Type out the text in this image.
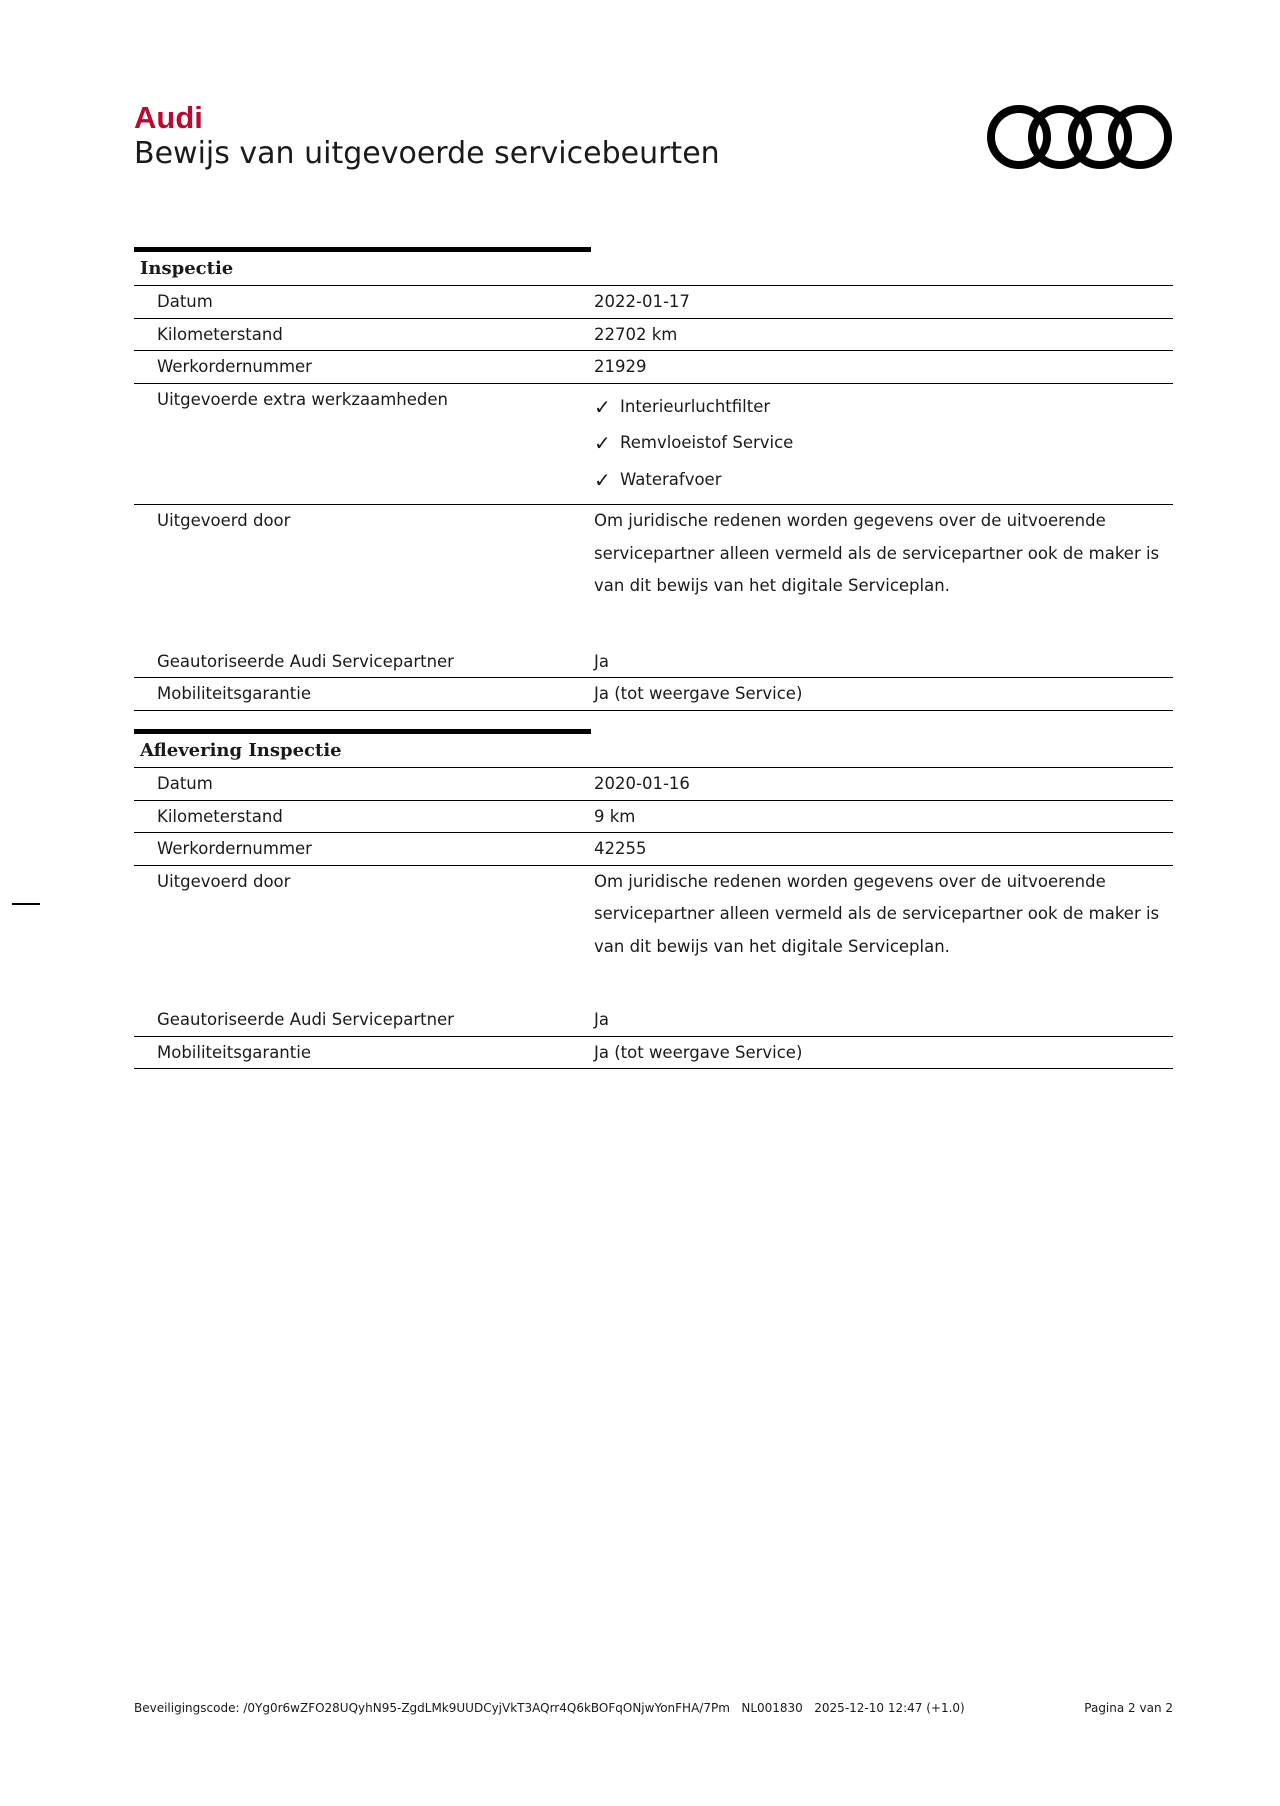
Audi
Bewijs van uitgevoerde servicebeurten
Inspectie
Datum	2022-01-17
Kilometerstand	22702 km
Werkordernummer	21929
Uitgevoerde extra werkzaamheden	✓ Interieurluchtfilter
✓ Remvloeistof Service
✓ Waterafvoer
Uitgevoerd door	Om juridische redenen worden gegevens over de uitvoerende servicepartner alleen vermeld als de servicepartner ook de maker is van dit bewijs van het digitale Serviceplan.
Geautoriseerde Audi Servicepartner	Ja
Mobiliteitsgarantie	Ja (tot weergave Service)
Aflevering Inspectie
Datum	2020-01-16
Kilometerstand	9 km
Werkordernummer	42255
Uitgevoerd door	Om juridische redenen worden gegevens over de uitvoerende servicepartner alleen vermeld als de servicepartner ook de maker is van dit bewijs van het digitale Serviceplan.
Geautoriseerde Audi Servicepartner	Ja
Mobiliteitsgarantie	Ja (tot weergave Service)
Beveiligingscode: /0Yg0r6wZFO28UQyhN95-ZgdLMk9UUDCyjVkT3AQrr4Q6kBOFqONjwYonFHA/7Pm NL001830 2025-12-10 12:47 (+1.0)	Pagina 2 van 2
